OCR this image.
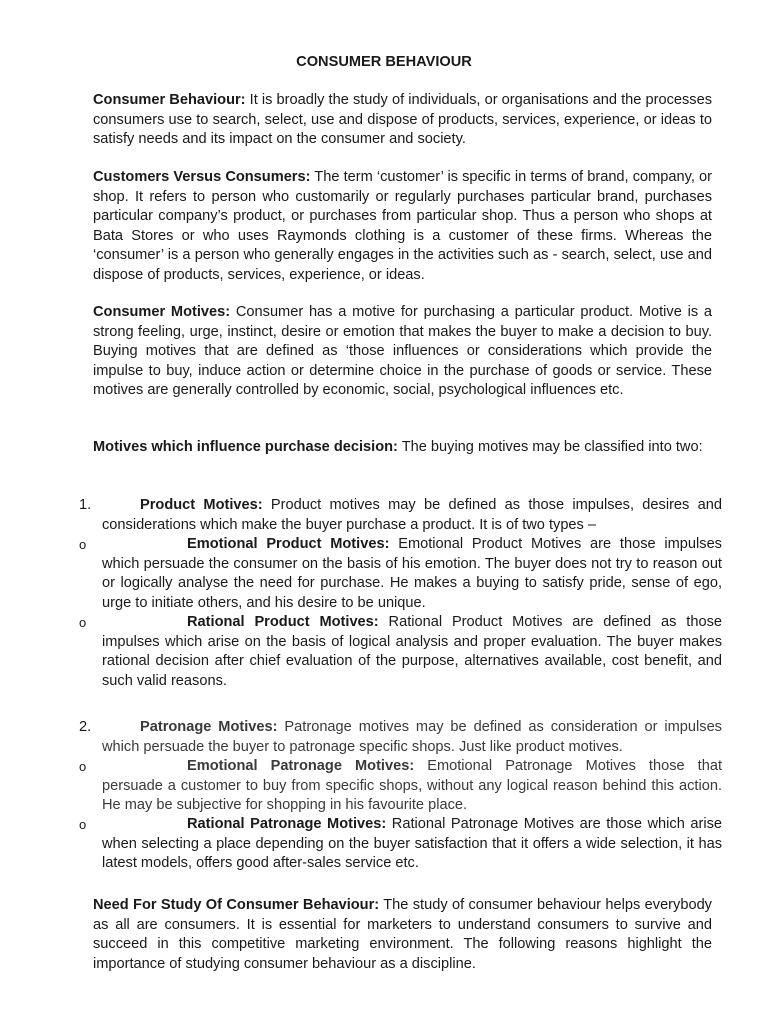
CONSUMER BEHAVIOUR

Consumer Behaviour: It is broadly the study of individuals, or organisations and the processes consumers use to search, select, use and dispose of products, services, experience, or ideas to satisfy needs and its impact on the consumer and society.

Customers Versus Consumers: The term ‘customer’ is specific in terms of brand, company, or shop. It refers to person who customarily or regularly purchases particular brand, purchases particular company’s product, or purchases from particular shop. Thus a person who shops at Bata Stores or who uses Raymonds clothing is a customer of these firms. Whereas the ‘consumer’ is a person who generally engages in the activities such as - search, select, use and dispose of products, services, experience, or ideas.

Consumer Motives: Consumer has a motive for purchasing a particular product. Motive is a strong feeling, urge, instinct, desire or emotion that makes the buyer to make a decision to buy. Buying motives that are defined as ‘those influences or considerations which provide the impulse to buy, induce action or determine choice in the purchase of goods or service. These motives are generally controlled by economic, social, psychological influences etc.

Motives which influence purchase decision: The buying motives may be classified into two:

1.	Product Motives: Product motives may be defined as those impulses, desires and considerations which make the buyer purchase a product. It is of two types –

o	Emotional Product Motives: Emotional Product Motives are those impulses which persuade the consumer on the basis of his emotion. The buyer does not try to reason out or logically analyse the need for purchase. He makes a buying to satisfy pride, sense of ego, urge to initiate others, and his desire to be unique.

o	Rational Product Motives: Rational Product Motives are defined as those impulses which arise on the basis of logical analysis and proper evaluation. The buyer makes rational decision after chief evaluation of the purpose, alternatives available, cost benefit, and such valid reasons.

2.	Patronage Motives: Patronage motives may be defined as consideration or impulses which persuade the buyer to patronage specific shops. Just like product motives.

o	Emotional Patronage Motives: Emotional Patronage Motives those that persuade a customer to buy from specific shops, without any logical reason behind this action. He may be subjective for shopping in his favourite place.

o	Rational Patronage Motives: Rational Patronage Motives are those which arise when selecting a place depending on the buyer satisfaction that it offers a wide selection, it has latest models, offers good after-sales service etc.

Need For Study Of Consumer Behaviour: The study of consumer behaviour helps everybody as all are consumers. It is essential for marketers to understand consumers to survive and succeed in this competitive marketing environment. The following reasons highlight the importance of studying consumer behaviour as a discipline.
